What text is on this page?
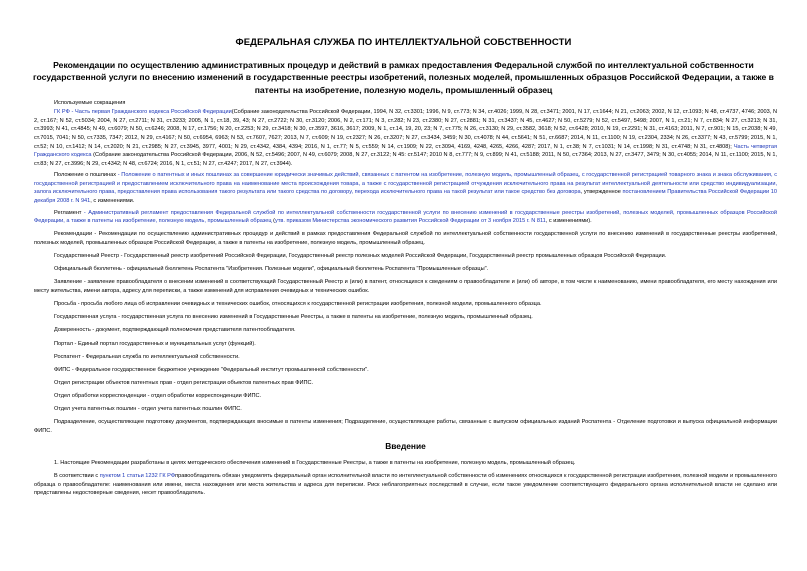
ФЕДЕРАЛЬНАЯ СЛУЖБА ПО ИНТЕЛЛЕКТУАЛЬНОЙ СОБСТВЕННОСТИ
Рекомендации по осуществлению административных процедур и действий в рамках предоставления Федеральной службой по интеллектуальной собственности государственной услуги по внесению изменений в государственные реестры изобретений, полезных моделей, промышленных образцов Российской Федерации, а также в патенты на изобретение, полезную модель, промышленный образец

Используемые сокращения

ГК РФ - Часть первая Гражданского кодекса Российской Федерации(Собрание законодательства Российской Федерации, 1994, N 32, ст.3301; 1996, N 9, ст.773; N 34, ст.4026; 1999, N 28, ст.3471; 2001, N 17, ст.1644; N 21, ст.2063; 2002, N 12, ст.1093; N 48, ст.4737, 4746; 2003, N 2, ст.167; N 52, ст.5034; 2004, N 27, ст.2711; N 31, ст.3233; 2005, N 1, ст.18, 39, 43; N 27, ст.2722; N 30, ст.3120; 2006, N 2, ст.171; N 3, ст.282; N 23, ст.2380; N 27, ст.2881; N 31, ст.3437; N 45, ст.4627; N 50, ст.5279; N 52, ст.5497, 5498; 2007, N 1, ст.21; N 7, ст.834; N 27, ст.3213; N 31, ст.3993; N 41, ст.4845; N 49, ст.6079; N 50, ст.6246; 2008, N 17, ст.1756; N 20, ст.2253; N 29, ст.3418; N 30, ст.3597, 3616, 3617; 2009, N 1, ст.14, 19, 20, 23; N 7, ст.775; N 26, ст.3130; N 29, ст.3582, 3618; N 52, ст.6428; 2010, N 19, ст.2291; N 31, ст.4163; 2011, N 7, ст.901; N 15, ст.2038; N 49, ст.7015, 7041; N 50, ст.7335, 7347; 2012, N 29, ст.4167; N 50, ст.6954, 6963; N 53, ст.7607, 7627; 2013, N 7, ст.609; N 19, ст.2327; N 26, ст.3207; N 27, ст.3434, 3459; N 30, ст.4078; N 44, ст.5641; N 51, ст.6687; 2014, N 11, ст.1100; N 19, ст.2304, 2334; N 26, ст.3377; N 43, ст.5799; 2015, N 1, ст.52; N 10, ст.1412; N 14, ст.2020; N 21, ст.2985; N 27, ст.3945, 3977, 4001; N 29, ст.4342, 4384, 4394; 2016, N 1, ст.77; N 5, ст.559; N 14, ст.1909; N 22, ст.3094, 4169, 4248, 4265, 4266, 4287; 2017, N 1, ст.38; N 7, ст.1031; N 14, ст.1998; N 31, ст.4748; N 31, ст.4808); Часть четвертая Гражданского кодекса (Собрание законодательства Российской Федерации, 2006, N 52, ст.5496; 2007, N 49, ст.6079; 2008, N 27, ст.3122; N 45: ст.5147; 2010 N 8, ст.777; N 9, ст.899; N 41, ст.5188; 2011, N 50, ст.7364; 2013, N 27, ст.3477, 3479; N 30, ст.4055; 2014, N 11, ст.1100; 2015, N 1, ст.83; N 27, ст.3996; N 29, ст.4342; N 48, ст.6724; 2016, N 1, ст.51; N 27, ст.4247; 2017, N 27, ст.3944).

Положение о пошлинах - Положение о патентных и иных пошлинах за совершение юридически значимых действий, связанных с патентом на изобретение, полезную модель, промышленный образец, с государственной регистрацией товарного знака и знака обслуживания, с государственной регистрацией и предоставлением исключительного права на наименование места происхождения товара, а также с государственной регистрацией отчуждения исключительного права на результат интеллектуальной деятельности или средство индивидуализации, залога исключительного права, предоставления права использования такого результата или такого средства по договору, перехода исключительного права на такой результат или такое средство без договора, утвержденное постановлением Правительства Российской Федерации 10 декабря 2008 г. N 941, с изменениями.

Регламент - Административный регламент предоставления Федеральной службой по интеллектуальной собственности государственной услуги по внесению изменений в государственные реестры изобретений, полезных моделей, промышленных образцов Российской Федерации, а также в патенты на изобретение, полезную модель, промышленный образец (утв. приказом Министерства экономического развития Российской Федерации от 3 ноября 2015 г. N 811, с изменениями).

Рекомендации - Рекомендации по осуществлению административных процедур и действий в рамках предоставления Федеральной службой по интеллектуальной собственности государственной услуги по внесению изменений в государственные реестры изобретений, полезных моделей, промышленных образцов Российской Федерации, а также в патенты на изобретение, полезную модель, промышленный образец.

Государственный Реестр - Государственный реестр изобретений Российской Федерации, Государственный реестр полезных моделей Российской Федерации, Государственный реестр промышленных образцов Российской Федерации.

Официальный бюллетень - официальный бюллетень Роспатента "Изобретения. Полезные модели", официальный бюллетень Роспатента "Промышленные образцы".

Заявление - заявление правообладателя о внесении изменений в соответствующий Государственный Реестр и (или) в патент, относящихся к сведениям о правообладателе и (или) об авторе, в том числе к наименованию, имени правообладателя, его месту нахождения или месту жительства, имени автора, адресу для переписки, а также изменений для исправления очевидных и технических ошибок.

Просьба - просьба любого лица об исправлении очевидных и технических ошибок, относящихся к государственной регистрации изобретения, полезной модели, промышленного образца.

Государственная услуга - государственная услуга по внесению изменений в Государственные Реестры, а также в патенты на изобретение, полезную модель, промышленный образец.

Доверенность - документ, подтверждающий полномочия представителя патентообладателя.

Портал - Единый портал государственных и муниципальных услуг (функций).

Роспатент - Федеральная служба по интеллектуальной собственности.

ФИПС - Федеральное государственное бюджетное учреждение "Федеральный институт промышленной собственности".

Отдел регистрации объектов патентных прав - отдел регистрации объектов патентных прав ФИПС.

Отдел обработки корреспонденции - отдел обработки корреспонденции ФИПС.

Отдел учета патентных пошлин - отдел учета патентных пошлин ФИПС.

Подразделение, осуществляющее подготовку документов, подтверждающих вносимые в патенты изменения; Подразделение, осуществляющее работы, связанные с выпуском официальных изданий Роспатента - Отделение подготовки и выпуска официальной информации ФИПС.

Введение

1. Настоящие Рекомендации разработаны в целях методического обеспечения изменений в Государственные Реестры, а также в патенты на изобретение, полезную модель, промышленный образец.

В соответствии с пунктом 1 статьи 1232 ГК РФправообладатель обязан уведомлять федеральный орган исполнительной власти по интеллектуальной собственности об изменениях относящихся к государственной регистрации изобретения, полезной модели и промышленного образца о правообладателе: наименования или имени, места нахождения или места жительства и адреса для переписки. Риск неблагоприятных последствий в случае, если такое уведомление соответствующего федерального органа исполнительной власти не сделано или представлены недостоверные сведения, несет правообладатель.
